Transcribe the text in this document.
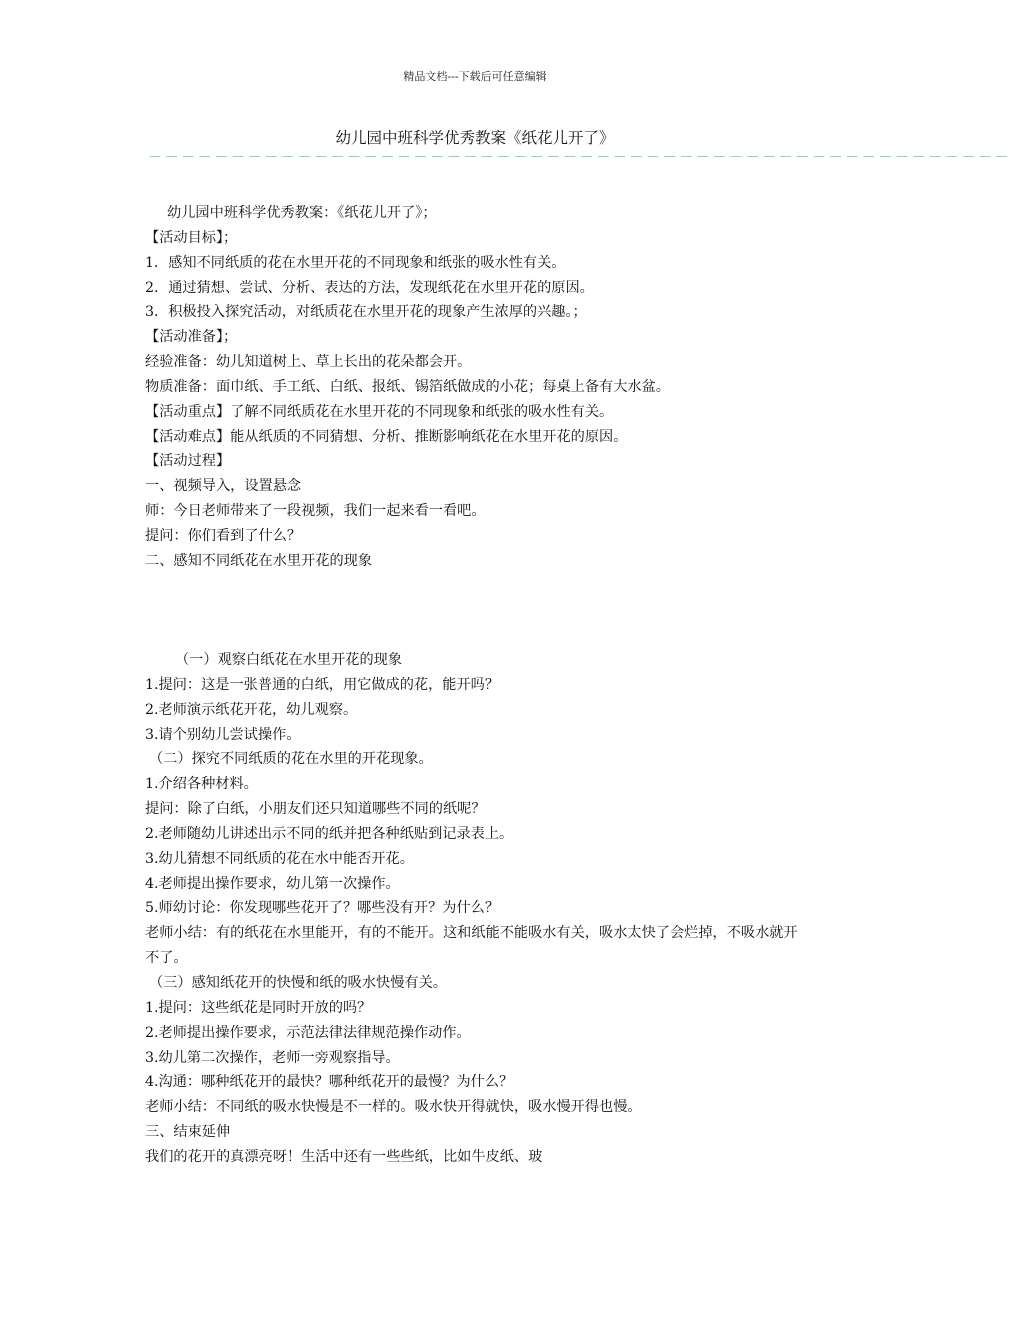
精品文档---下载后可任意编辑
幼儿园中班科学优秀教案《纸花儿开了》
－－－－－－－－－－－－－－－－－－－－－－－－－－－－－－－－－－－－－－－－－－－－－－－－－－－－
幼儿园中班科学优秀教案：《纸花儿开了》；
【活动目标】；
1．感知不同纸质的花在水里开花的不同现象和纸张的吸水性有关。
2．通过猜想、尝试、分析、表达的方法，发现纸花在水里开花的原因。
3．积极投入探究活动，对纸质花在水里开花的现象产生浓厚的兴趣。；
【活动准备】；
经验准备：幼儿知道树上、草上长出的花朵都会开。
物质准备：面巾纸、手工纸、白纸、报纸、锡箔纸做成的小花；每桌上备有大水盆。
【活动重点】了解不同纸质花在水里开花的不同现象和纸张的吸水性有关。
【活动难点】能从纸质的不同猜想、分析、推断影响纸花在水里开花的原因。
【活动过程】
一、视频导入，设置悬念
师：今日老师带来了一段视频，我们一起来看一看吧。
提问：你们看到了什么？
二、感知不同纸花在水里开花的现象
（一）观察白纸花在水里开花的现象
1.提问：这是一张普通的白纸，用它做成的花，能开吗？
2.老师演示纸花开花，幼儿观察。
3.请个别幼儿尝试操作。
（二）探究不同纸质的花在水里的开花现象。
1.介绍各种材料。
提问：除了白纸，小朋友们还只知道哪些不同的纸呢？
2.老师随幼儿讲述出示不同的纸并把各种纸贴到记录表上。
3.幼儿猜想不同纸质的花在水中能否开花。
4.老师提出操作要求，幼儿第一次操作。
5.师幼讨论：你发现哪些花开了？哪些没有开？为什么？
老师小结：有的纸花在水里能开，有的不能开。这和纸能不能吸水有关，吸水太快了会烂掉，不吸水就开不了。
（三）感知纸花开的快慢和纸的吸水快慢有关。
1.提问：这些纸花是同时开放的吗？
2.老师提出操作要求，示范法律法律规范操作动作。
3.幼儿第二次操作，老师一旁观察指导。
4.沟通：哪种纸花开的最快？哪种纸花开的最慢？为什么？
老师小结：不同纸的吸水快慢是不一样的。吸水快开得就快，吸水慢开得也慢。
三、结束延伸
我们的花开的真漂亮呀！生活中还有一些些纸，比如牛皮纸、玻
